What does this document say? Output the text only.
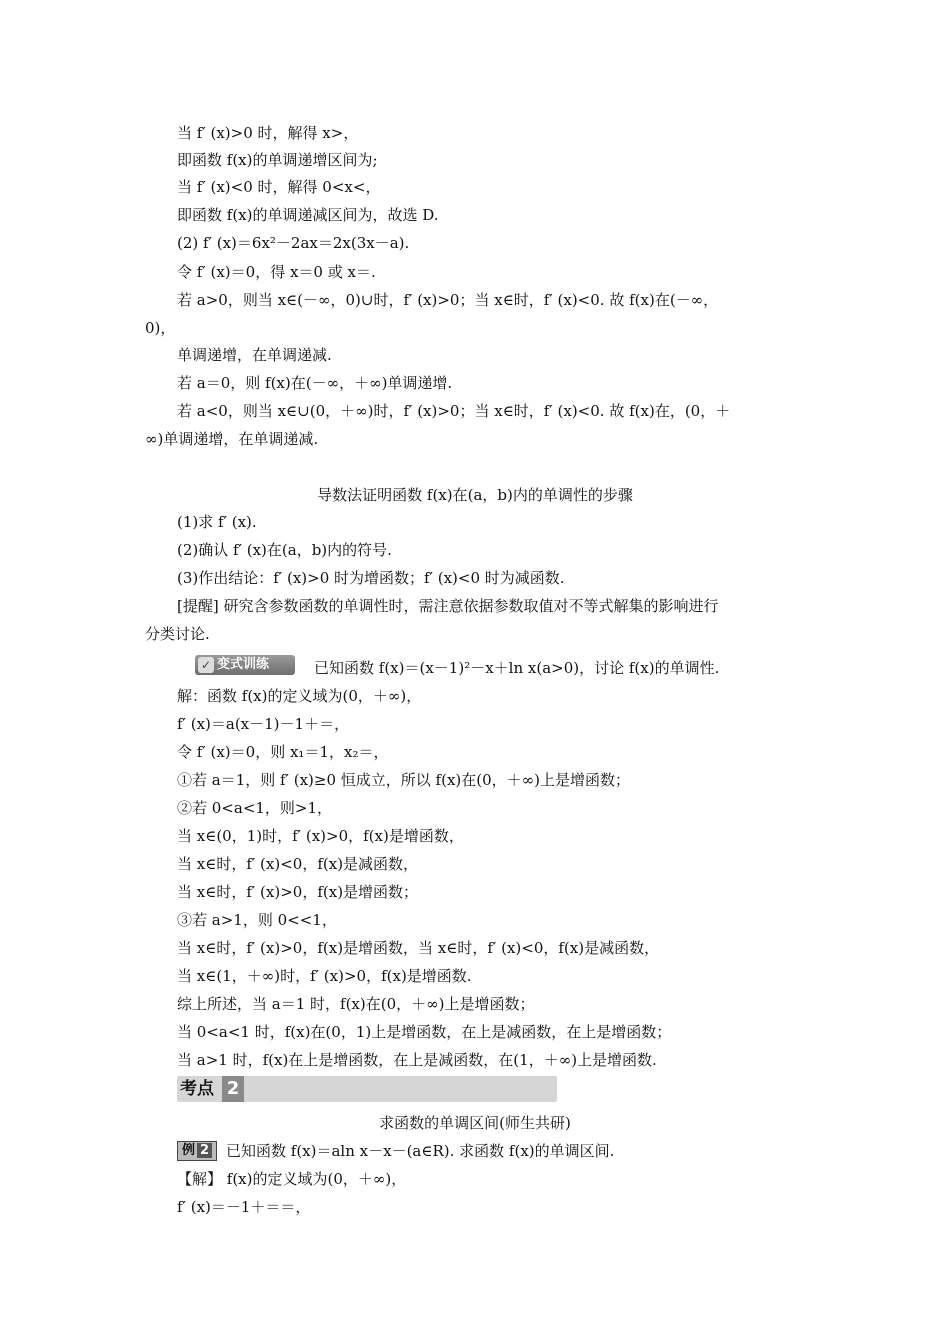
当 f′ (x)>0 时，解得 x>，
即函数 f(x)的单调递增区间为;
当 f′ (x)<0 时，解得 0<x<，
即函数 f(x)的单调递减区间为，故选 D.
(2) f′ (x)＝6x²－2ax＝2x(3x－a).
令 f′ (x)＝0，得 x＝0 或 x＝.
若 a>0，则当 x∈(－∞，0)∪时，f′ (x)>0；当 x∈时，f′ (x)<0. 故 f(x)在(－∞，
0)，
单调递增，在单调递减.
若 a＝0，则 f(x)在(－∞，＋∞)单调递增.
若 a<0，则当 x∈∪(0，＋∞)时，f′ (x)>0；当 x∈时，f′ (x)<0. 故 f(x)在，(0，＋
∞)单调递增，在单调递减.
导数法证明函数 f(x)在(a，b)内的单调性的步骤
(1)求 f′ (x).
(2)确认 f′ (x)在(a，b)内的符号.
(3)作出结论：f′ (x)>0 时为增函数；f′ (x)<0 时为减函数.
[提醒] 研究含参数函数的单调性时，需注意依据参数取值对不等式解集的影响进行
分类讨论.
已知函数 f(x)＝(x－1)²－x＋ln x(a>0)，讨论 f(x)的单调性.
解：函数 f(x)的定义域为(0，＋∞)，
f′ (x)＝a(x－1)－1＋＝，
令 f′ (x)＝0，则 x₁＝1，x₂＝，
①若 a＝1，则 f′ (x)≥0 恒成立，所以 f(x)在(0，＋∞)上是增函数；
②若 0<a<1，则>1，
当 x∈(0，1)时，f′ (x)>0，f(x)是增函数，
当 x∈时，f′ (x)<0，f(x)是减函数，
当 x∈时，f′ (x)>0，f(x)是增函数；
③若 a>1，则 0<<1，
当 x∈时，f′ (x)>0，f(x)是增函数，当 x∈时，f′ (x)<0，f(x)是减函数，
当 x∈(1，＋∞)时，f′ (x)>0，f(x)是增函数.
综上所述，当 a＝1 时，f(x)在(0，＋∞)上是增函数；
当 0<a<1 时，f(x)在(0，1)上是增函数，在上是减函数，在上是增函数；
当 a>1 时，f(x)在上是增函数，在上是减函数，在(1，＋∞)上是增函数.
求函数的单调区间(师生共研)
已知函数 f(x)＝aln x－x－(a∈R). 求函数 f(x)的单调区间.
【解】 f(x)的定义域为(0，＋∞)，
f′ (x)＝－1＋＝＝，
✓ 变式训练
考点 2
例 2
